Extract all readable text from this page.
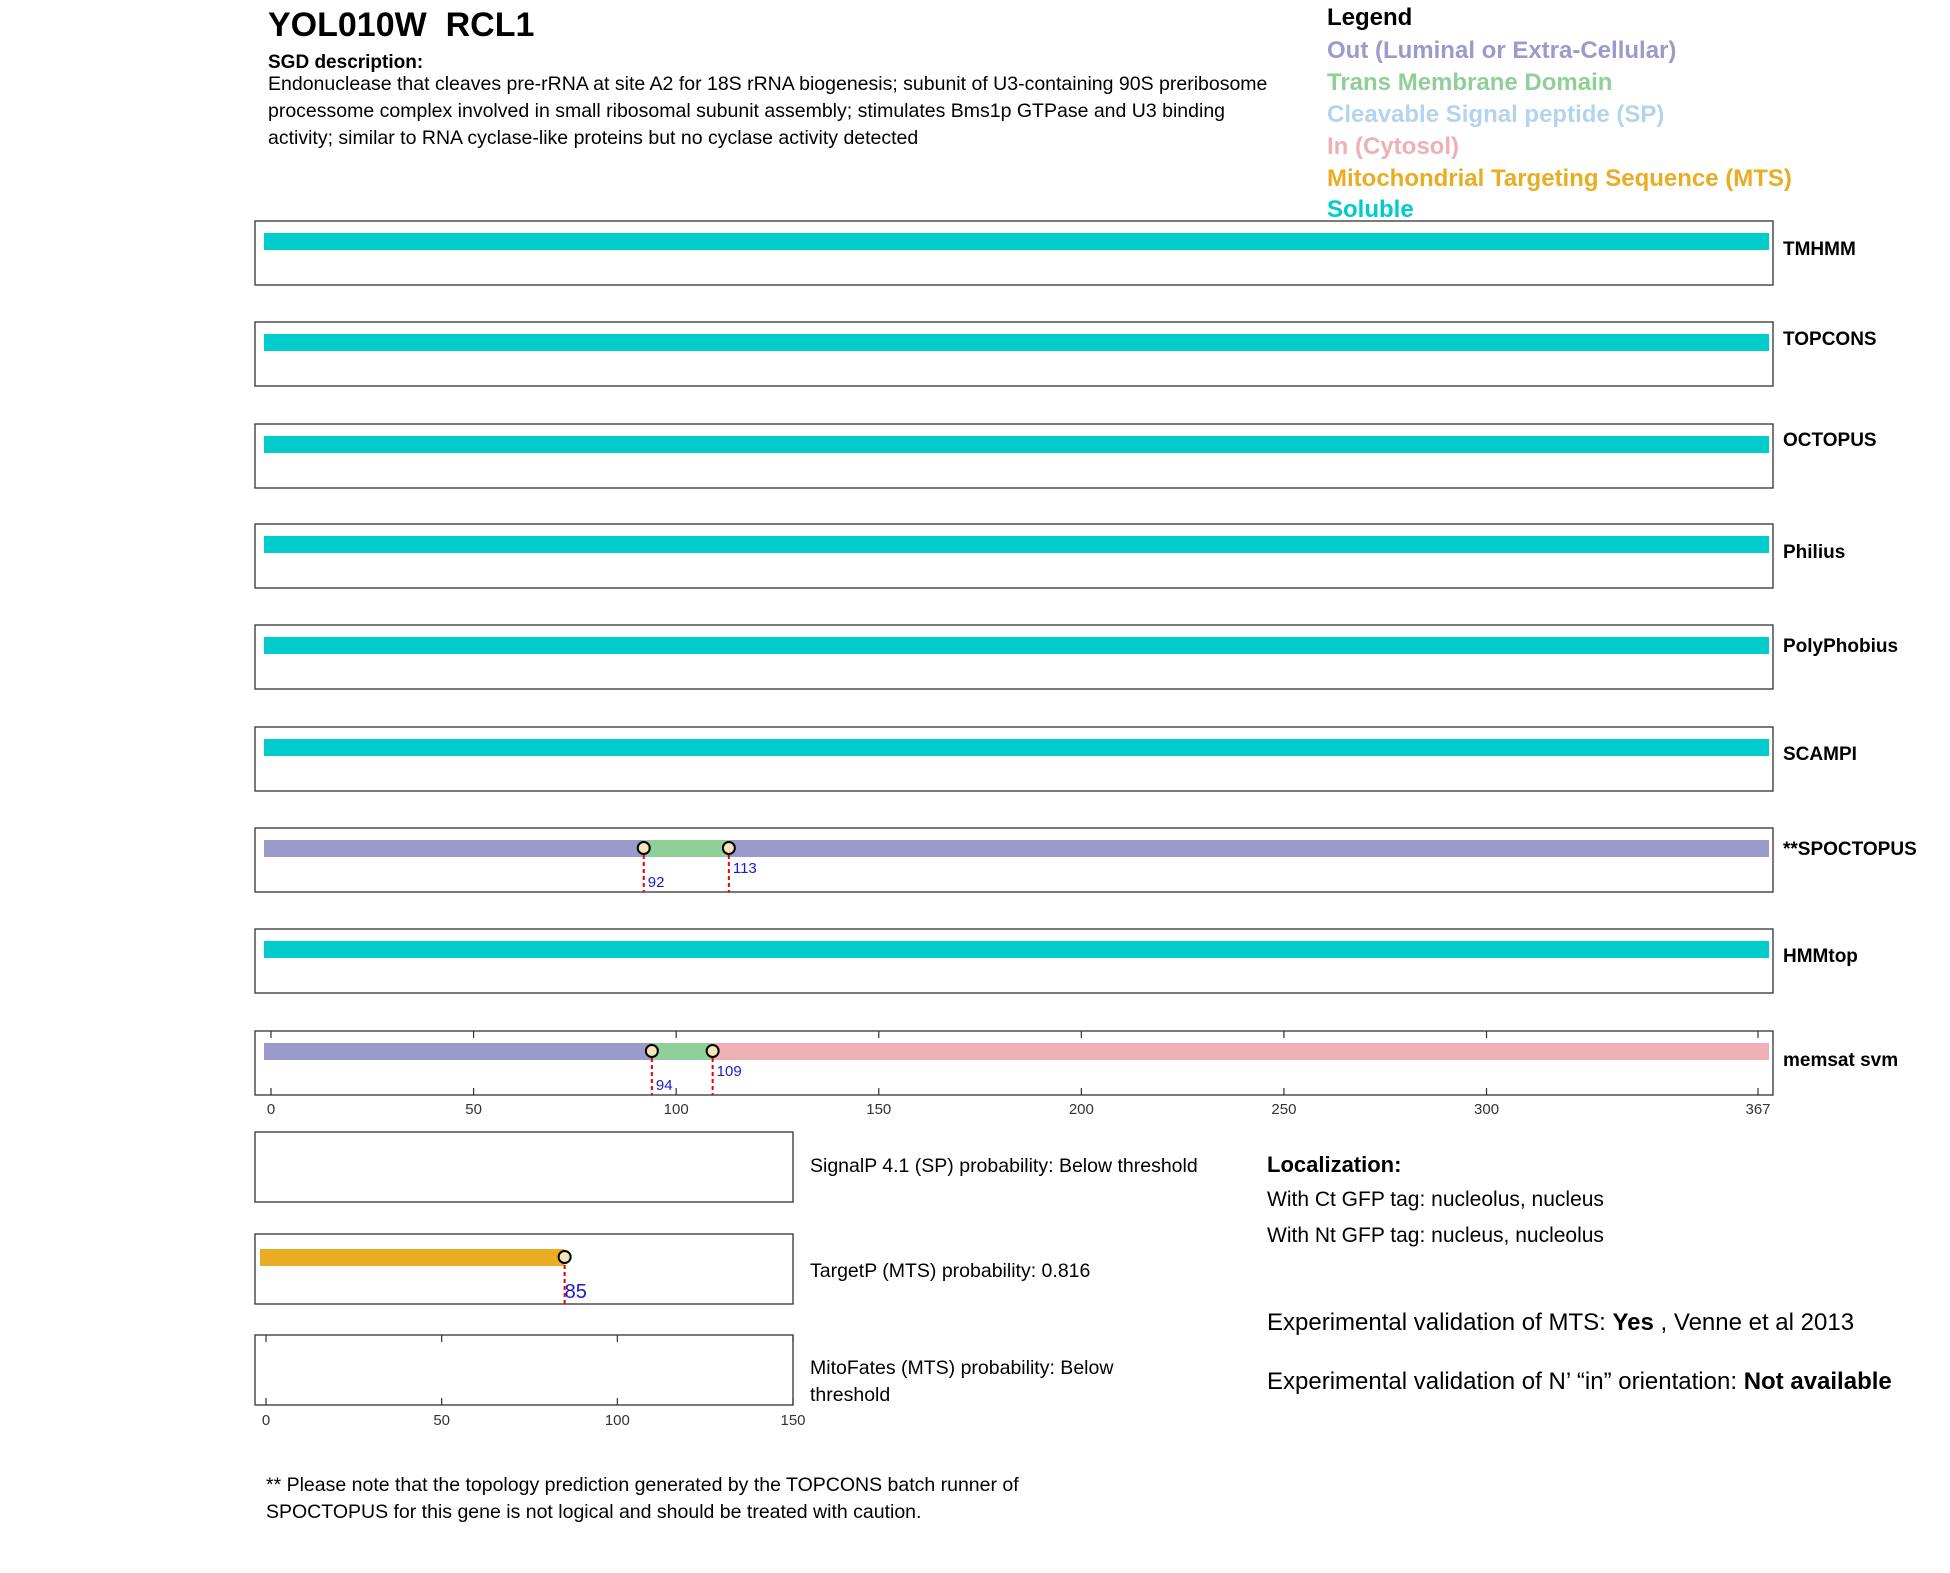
YOL010W  RCL1
SGD description:
Endonuclease that cleaves pre-rRNA at site A2 for 18S rRNA biogenesis; subunit of U3-containing 90S preribosome processome complex involved in small ribosomal subunit assembly; stimulates Bms1p GTPase and U3 binding activity; similar to RNA cyclase-like proteins but no cyclase activity detected
Legend
Out (Luminal or Extra-Cellular)
Trans Membrane Domain
Cleavable Signal peptide (SP)
In (Cytosol)
Mitochondrial Targeting Sequence (MTS)
Soluble
TMHMM
TOPCONS
OCTOPUS
Philius
PolyPhobius
SCAMPI
92
113
**SPOCTOPUS
HMMtop
94
109
memsat svm
0	50	100	150	200	250	300	367
SignalP 4.1 (SP) probability: Below threshold
85
TargetP (MTS) probability: 0.816
MitoFates (MTS) probability: Below threshold
0	50	100	150
Localization:
With Ct GFP tag: nucleolus, nucleus
With Nt GFP tag: nucleus, nucleolus
Experimental validation of MTS: Yes , Venne et al 2013
Experimental validation of N’ “in” orientation: Not available
** Please note that the topology prediction generated by the TOPCONS batch runner of SPOCTOPUS for this gene is not logical and should be treated with caution.
